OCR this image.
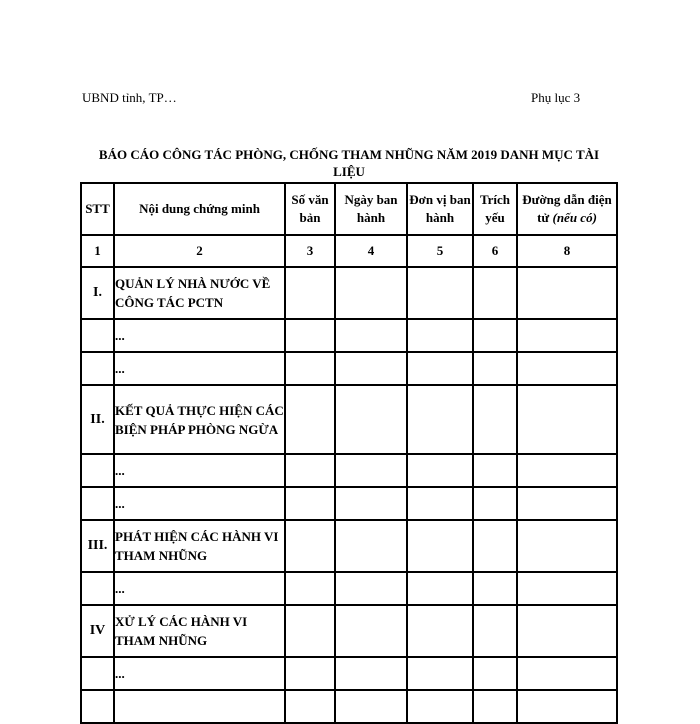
UBND tỉnh, TP…	Phụ lục 3
BÁO CÁO CÔNG TÁC PHÒNG, CHỐNG THAM NHŨNG NĂM 2019 DANH MỤC TÀI LIỆU
STT	Nội dung chứng minh	Số văn bản	Ngày ban hành	Đơn vị ban hành	Trích yếu	Đường dẫn điện tử (nếu có)
1	2	3	4	5	6	8
I.	QUẢN LÝ NHÀ NƯỚC VỀ CÔNG TÁC PCTN					
	...					
	...					
II.	KẾT QUẢ THỰC HIỆN CÁC BIỆN PHÁP PHÒNG NGỪA					
	...					
	...					
III.	PHÁT HIỆN CÁC HÀNH VI THAM NHŨNG					
	...					
IV	XỬ LÝ CÁC HÀNH VI THAM NHŨNG					
	...					
